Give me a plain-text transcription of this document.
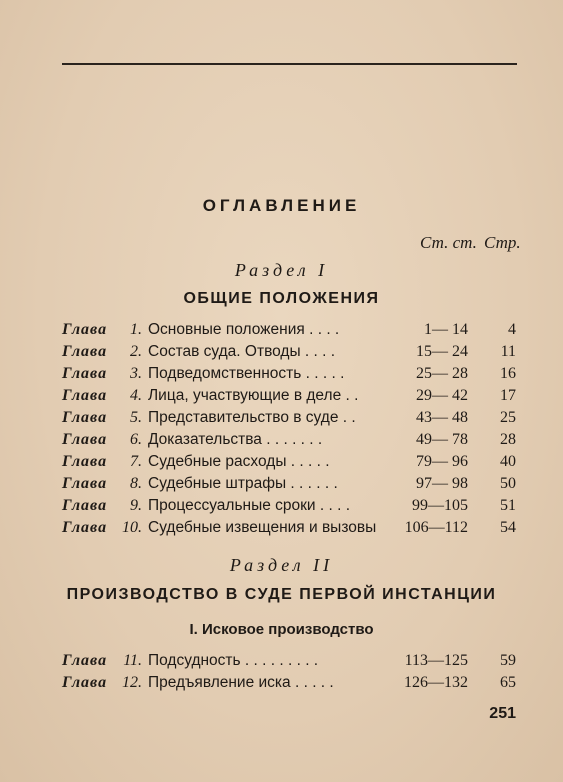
ОГЛАВЛЕНИЕ
Ст. ст. Стр.
Раздел I
ОБЩИЕ ПОЛОЖЕНИЯ
Глава	1. Основные положения . . . .	1— 14	4
Глава	2. Состав суда. Отводы . . . .	15— 24	11
Глава	3. Подведомственность . . . . .	25— 28	16
Глава	4. Лица, участвующие в деле . .	29— 42	17
Глава	5. Представительство в суде . .	43— 48	25
Глава	6. Доказательства . . . . . . .	49— 78	28
Глава	7. Судебные расходы . . . . .	79— 96	40
Глава	8. Судебные штрафы . . . . . .	97— 98	50
Глава	9. Процессуальные сроки . . . .	99—105	51
Глава 10. Судебные извещения и вызовы	106—112	54
Раздел II
ПРОИЗВОДСТВО В СУДЕ ПЕРВОЙ ИНСТАНЦИИ
I. Исковое производство
Глава	11. Подсудность . . . . . . . . .	113—125	59
Глава 12. Предъявление иска . . . . .	126—132	65
251
